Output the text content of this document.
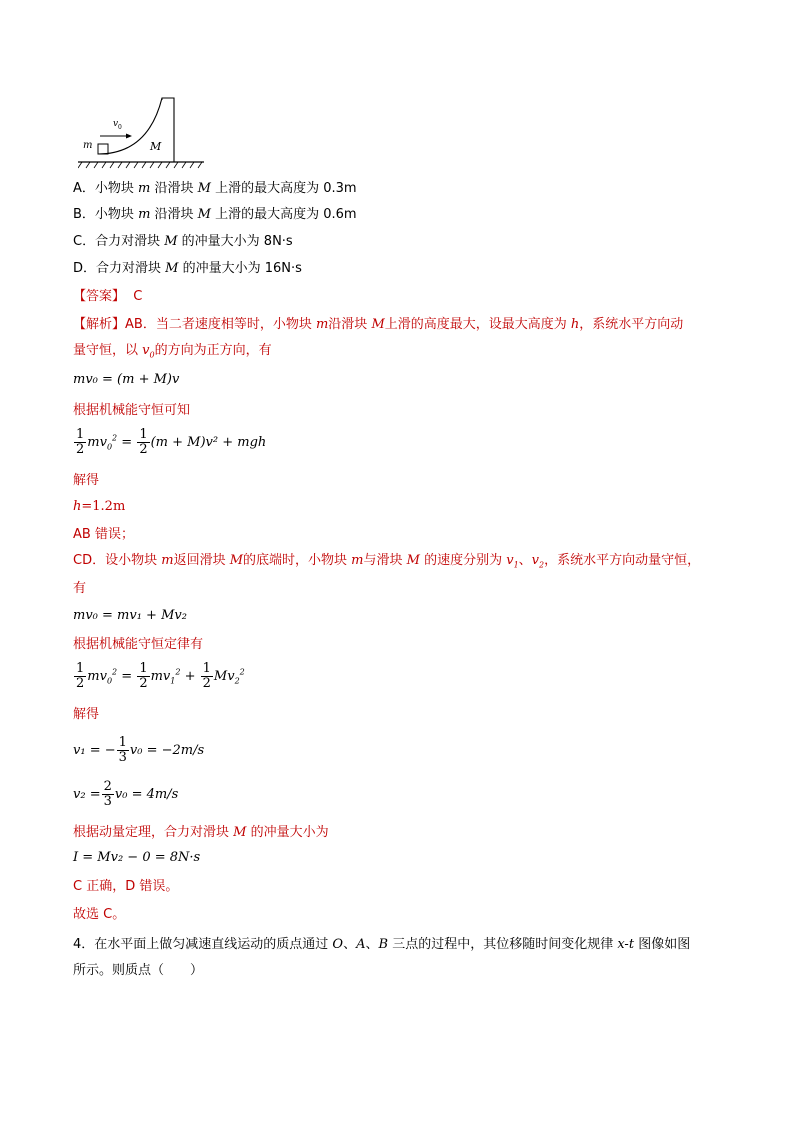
v 0
m	M
A．小物块 m 沿滑块 M 上滑的最大高度为 0.3m
B．小物块 m 沿滑块 M 上滑的最大高度为 0.6m
C．合力对滑块 M 的冲量大小为 8N·s
D．合力对滑块 M 的冲量大小为 16N·s
【答案】 C
【解析】AB．当二者速度相等时，小物块 m沿滑块 M上滑的高度最大，设最大高度为 h，系统水平方向动
量守恒，以 $v_0$的方向为正方向，有
mv₀ = (m + M)v
根据机械能守恒可知
$\frac{1}{2} mv_0^2 = \frac{1}{2} (m + M)v^2$ + mgh
解得
h=1.2m
AB 错误；
CD．设小物块 m返回滑块 M的底端时，小物块 m与滑块 M 的速度分别为 $v_1$、$v_2$，系统水平方向动量守恒，
有
mv₀ = mv₁ + Mv₂
根据机械能守恒定律有
$\frac{1}{2} mv_0^2 = \frac{1}{2} mv_1^2 + \frac{1}{2} Mv_2^2$
解得
v₁ = − $\frac{1}{3} v_0 = -2m/s$
$v_2 = \frac{2}{3} v_0 = 4m/s$
根据动量定理，合力对滑块 M 的冲量大小为
I = Mv₂ − 0 = 8N·s
C 正确，D 错误。
故选 C。
4．在水平面上做匀减速直线运动的质点通过 O、A、B 三点的过程中，其位移随时间变化规律 x-t 图像如图
所示。则质点（　　）
